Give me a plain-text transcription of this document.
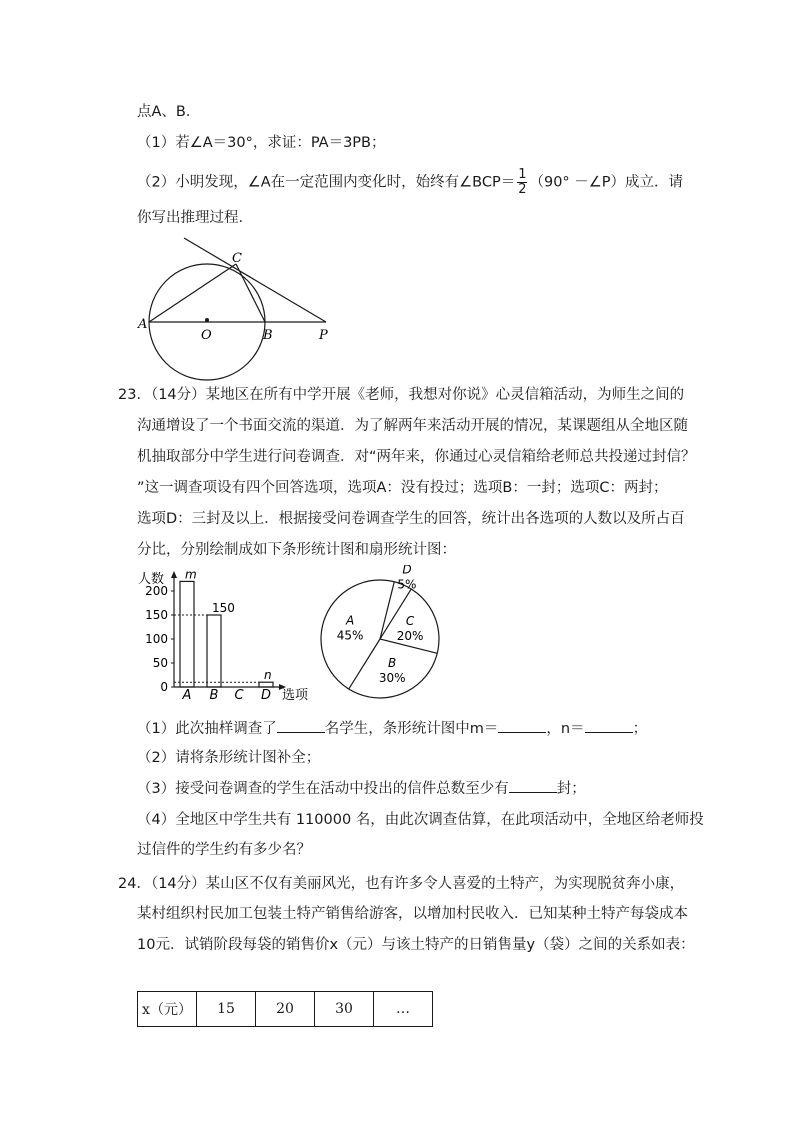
点A、B．
（1）若∠A＝30°，求证：PA＝3PB；
（2）小明发现，∠A在一定范围内变化时，始终有∠BCP＝ $\frac{1}{2} (90^\circ$ －∠P）成立．请
你写出推理过程．
A
O	B	P
C
23．（14分）某地区在所有中学开展《老师，我想对你说》心灵信箱活动，为师生之间的
沟通增设了一个书面交流的渠道．为了解两年来活动开展的情况，某课题组从全地区随
机抽取部分中学生进行问卷调查．对“两年来，你通过心灵信箱给老师总共投递过封信？
”这一调查项设有四个回答选项，选项A：没有投过；选项B：一封；选项C：两封；
选项D：三封及以上．根据接受问卷调查学生的回答，统计出各选项的人数以及所占百
分比，分别绘制成如下条形统计图和扇形统计图：
人数
选项
0
50
100
150
200
A
m
B
150
C D
n
A
45%
D
5%
C
20%
B
30%
（1）此次抽样调查了	名学生，条形统计图中m＝	，n＝	；
（2）请将条形统计图补全；
（3）接受问卷调查的学生在活动中投出的信件总数至少有	封；
（4）全地区中学生共有 110000 名，由此次调查估算，在此项活动中，全地区给老师投
过信件的学生约有多少名？
24．（14分）某山区不仅有美丽风光，也有许多令人喜爱的土特产，为实现脱贫奔小康，
某村组织村民加工包装土特产销售给游客，以增加村民收入．已知某种土特产每袋成本
10元．试销阶段每袋的销售价x（元）与该土特产的日销售量y（袋）之间的关系如表：
x（元）	15	20	30	…
